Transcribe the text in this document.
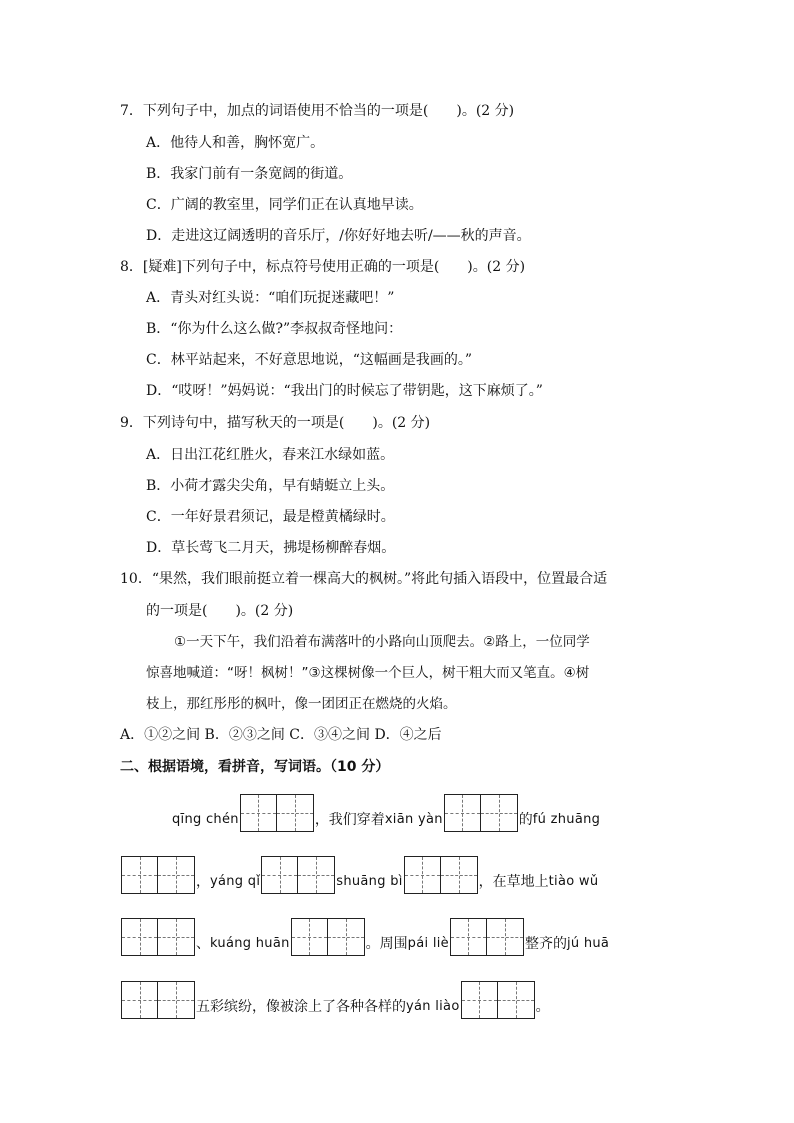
7．下列句子中，加点的词语使用不恰当的一项是(　　)。(2 分)
A．他待人和善，胸怀宽广。
B．我家门前有一条宽阔的街道。
C．广阔的教室里，同学们正在认真地早读。
D．走进这辽阔透明的音乐厅，/你好好地去听/——秋的声音。
8．[疑难]下列句子中，标点符号使用正确的一项是(　　)。(2 分)
A．青头对红头说：“咱们玩捉迷藏吧！”
B．“你为什么这么做?”李叔叔奇怪地问：
C．林平站起来，不好意思地说，“这幅画是我画的。”
D．“哎呀！”妈妈说：“我出门的时候忘了带钥匙，这下麻烦了。”
9．下列诗句中，描写秋天的一项是(　　)。(2 分)
A．日出江花红胜火，春来江水绿如蓝。
B．小荷才露尖尖角，早有蜻蜓立上头。
C．一年好景君须记，最是橙黄橘绿时。
D．草长莺飞二月天，拂堤杨柳醉春烟。
10．“果然，我们眼前挺立着一棵高大的枫树。”将此句插入语段中，位置最合适
的一项是(　　)。(2 分)
①一天下午，我们沿着布满落叶的小路向山顶爬去。②路上，一位同学
惊喜地喊道：“呀！枫树！”③这棵树像一个巨人，树干粗大而又笔直。④树
枝上，那红彤彤的枫叶，像一团团正在燃烧的火焰。
A．①②之间 B．②③之间 C．③④之间 D．④之后
二、根据语境，看拼音，写词语。（10 分）
qīng chén	，我们穿着 xiān yàn	的 fú zhuāng
， yáng qǐ	shuāng bì	，在草地上 tiào wǔ
、 kuáng huān	。周围 pái liè	整齐的 jú huā
五彩缤纷，像被涂上了各种各样的 yán liào	。
